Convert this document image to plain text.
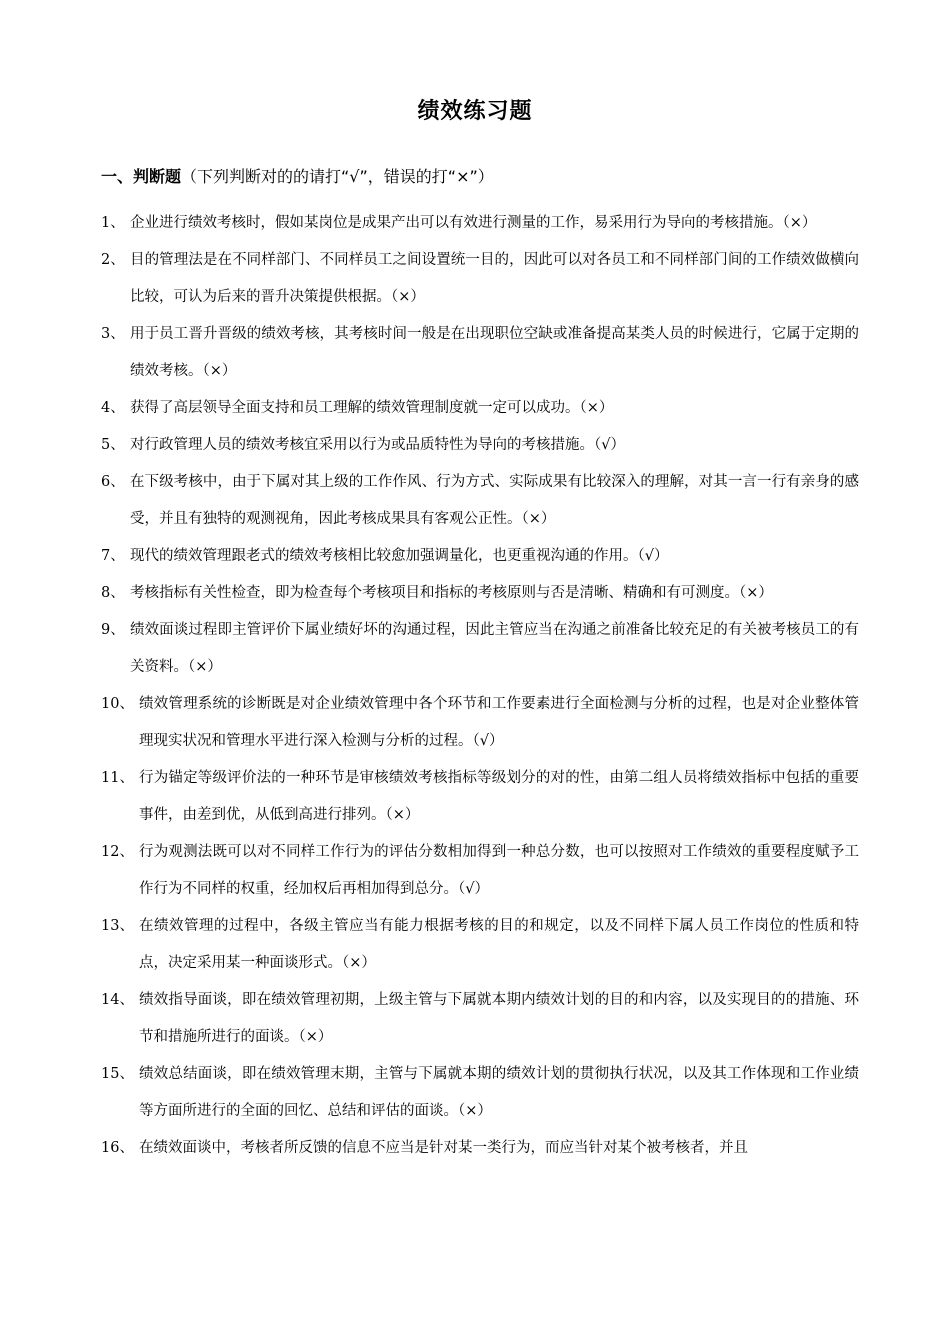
绩效练习题
一、判断题（下列判断对的的请打“√”，错误的打“×”）
1、 企业进行绩效考核时，假如某岗位是成果产出可以有效进行测量的工作，易采用行为导向的考核措施。（×）
2、 目的管理法是在不同样部门、不同样员工之间设置统一目的，因此可以对各员工和不同样部门间的工作绩效做横向比较，可认为后来的晋升决策提供根据。（×）
3、 用于员工晋升晋级的绩效考核，其考核时间一般是在出现职位空缺或准备提高某类人员的时候进行，它属于定期的绩效考核。（×）
4、 获得了高层领导全面支持和员工理解的绩效管理制度就一定可以成功。（×）
5、 对行政管理人员的绩效考核宜采用以行为或品质特性为导向的考核措施。（√）
6、 在下级考核中，由于下属对其上级的工作作风、行为方式、实际成果有比较深入的理解，对其一言一行有亲身的感受，并且有独特的观测视角，因此考核成果具有客观公正性。（×）
7、 现代的绩效管理跟老式的绩效考核相比较愈加强调量化，也更重视沟通的作用。（√）
8、 考核指标有关性检查，即为检查每个考核项目和指标的考核原则与否是清晰、精确和有可测度。（×）
9、 绩效面谈过程即主管评价下属业绩好坏的沟通过程，因此主管应当在沟通之前准备比较充足的有关被考核员工的有关资料。（×）
10、 绩效管理系统的诊断既是对企业绩效管理中各个环节和工作要素进行全面检测与分析的过程，也是对企业整体管理现实状况和管理水平进行深入检测与分析的过程。（√）
11、 行为锚定等级评价法的一种环节是审核绩效考核指标等级划分的对的性，由第二组人员将绩效指标中包括的重要事件，由差到优，从低到高进行排列。（×）
12、 行为观测法既可以对不同样工作行为的评估分数相加得到一种总分数，也可以按照对工作绩效的重要程度赋予工作行为不同样的权重，经加权后再相加得到总分。（√）
13、 在绩效管理的过程中，各级主管应当有能力根据考核的目的和规定，以及不同样下属人员工作岗位的性质和特点，决定采用某一种面谈形式。（×）
14、 绩效指导面谈，即在绩效管理初期，上级主管与下属就本期内绩效计划的目的和内容，以及实现目的的措施、环节和措施所进行的面谈。（×）
15、 绩效总结面谈，即在绩效管理末期，主管与下属就本期的绩效计划的贯彻执行状况，以及其工作体现和工作业绩等方面所进行的全面的回忆、总结和评估的面谈。（×）
16、 在绩效面谈中，考核者所反馈的信息不应当是针对某一类行为，而应当针对某个被考核者，并且
